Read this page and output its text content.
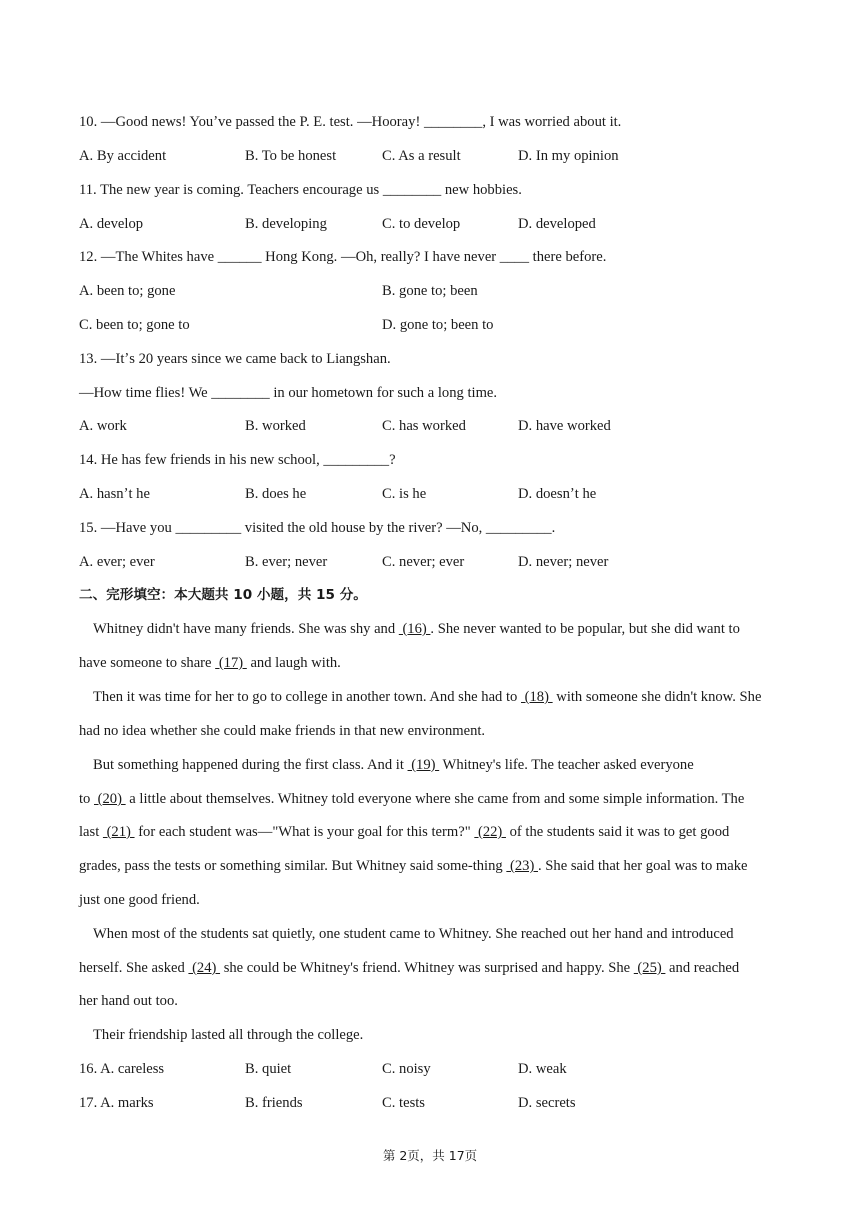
10. —Good news! Youʼve passed the P. E. test. —Hooray! ________, I was worried about it.
A. By accident	B. To be honest	C. As a result	D. In my opinion
11. The new year is coming. Teachers encourage us ________ new hobbies.
A. develop	B. developing	C. to develop	D. developed
12. —The Whites have ______ Hong Kong. —Oh, really? I have never ____ there before.
A. been to; gone	B. gone to; been
C. been to; gone to	D. gone to; been to
13. —Itʼs 20 years since we came back to Liangshan.
—How time flies! We ________ in our hometown for such a long time.
A. work	B. worked	C. has worked	D. have worked
14. He has few friends in his new school, _________?
A. hasnʼt he	B. does he	C. is he	D. doesnʼt he
15. —Have you _________ visited the old house by the river? —No, _________.
A. ever; ever	B. ever; never	C. never; ever	D. never; never
二、完形填空：本大题共 10 小题，共 15 分。
Whitney didn't have many friends. She was shy and  (16) . She never wanted to be popular, but she did want to
have someone to share  (17)  and laugh with.
Then it was time for her to go to college in another town. And she had to  (18)  with someone she didn't know. She
had no idea whether she could make friends in that new environment.
But something happened during the first class. And it  (19)  Whitney's life. The teacher asked everyone
to  (20)  a little about themselves. Whitney told everyone where she came from and some simple information. The
last  (21)  for each student was—"What is your goal for this term?"  (22)  of the students said it was to get good
grades, pass the tests or something similar. But Whitney said some-thing  (23) . She said that her goal was to make
just one good friend.
When most of the students sat quietly, one student came to Whitney. She reached out her hand and introduced
herself. She asked  (24)  she could be Whitney's friend. Whitney was surprised and happy. She  (25)  and reached
her hand out too.
Their friendship lasted all through the college.
16. A. careless	B. quiet	C. noisy	D. weak
17. A. marks	B. friends	C. tests	D. secrets
第 2页，共 17页
